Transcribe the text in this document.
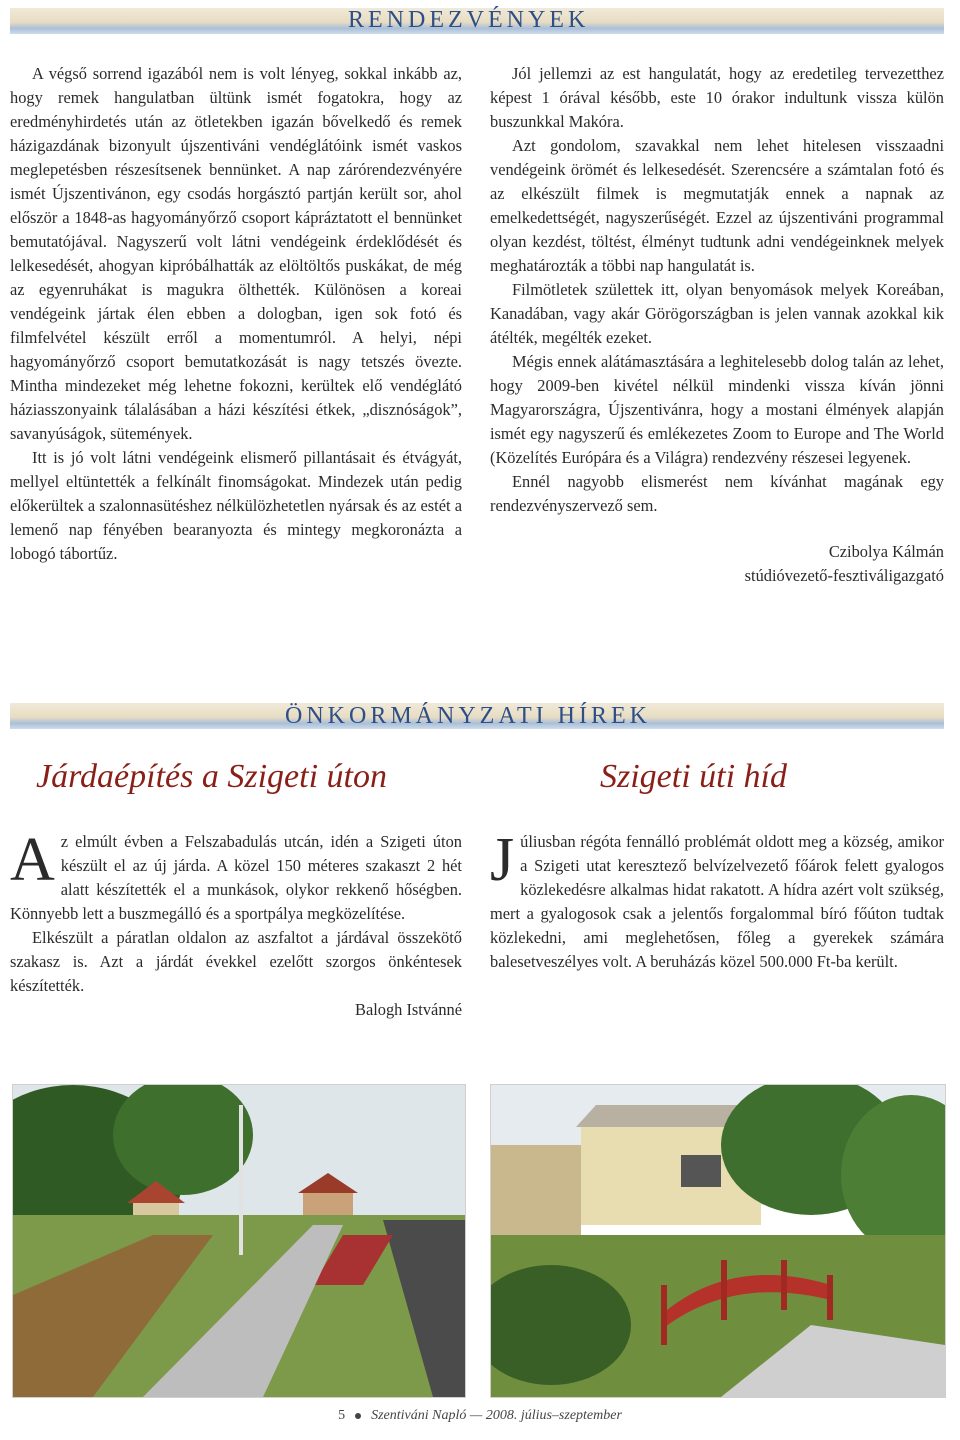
RENDEZVÉNYEK

A végső sorrend igazából nem is volt lényeg, sokkal inkább az, hogy remek hangulatban ültünk ismét fogatokra, hogy az eredményhirdetés után az ötletekben igazán bővelkedő és remek házigazdának bizonyult újszentiváni vendéglátóink ismét vaskos meglepetésben részesítsenek bennünket. A nap zárórendezvényére ismét Újszentivánon, egy csodás horgásztó partján került sor, ahol először a 1848-as hagyományőrző csoport kápráztatott el bennünket bemutatójával. Nagyszerű volt látni vendégeink érdeklődését és lelkesedését, ahogyan kipróbálhatták az elöltöltős puskákat, de még az egyenruhákat is magukra ölthették. Különösen a koreai vendégeink jártak élen ebben a dologban, igen sok fotó és filmfelvétel készült erről a momentumról. A helyi, népi hagyományőrző csoport bemutatkozását is nagy tetszés övezte. Mintha mindezeket még lehetne fokozni, kerültek elő vendéglátó háziasszonyaink tálalásában a házi készítési étkek, „disznóságok”, savanyúságok, sütemények.

Itt is jó volt látni vendégeink elismerő pillantásait és étvágyát, mellyel eltüntették a felkínált finomságokat. Mindezek után pedig előkerültek a szalonnasütéshez nélkülözhetetlen nyársak és az estét a lemenő nap fényében bearanyozta és mintegy megkoronázta a lobogó tábortűz.

Jól jellemzi az est hangulatát, hogy az eredetileg tervezetthez képest 1 órával később, este 10 órakor indultunk vissza külön buszunkkal Makóra.

Azt gondolom, szavakkal nem lehet hitelesen visszaadni vendégeink örömét és lelkesedését. Szerencsére a számtalan fotó és az elkészült filmek is megmutatják ennek a napnak az emelkedettségét, nagyszerűségét. Ezzel az újszentiváni programmal olyan kezdést, töltést, élményt tudtunk adni vendégeinknek melyek meghatározták a többi nap hangulatát is.

Filmötletek születtek itt, olyan benyomások melyek Koreában, Kanadában, vagy akár Görögországban is jelen vannak azokkal kik átélték, megélték ezeket.

Mégis ennek alátámasztására a leghitelesebb dolog talán az lehet, hogy 2009-ben kivétel nélkül mindenki vissza kíván jönni Magyarországra, Újszentivánra, hogy a mostani élmények alapján ismét egy nagyszerű és emlékezetes Zoom to Europe and The World (Közelítés Európára és a Világra) rendezvény részesei legyenek.

Ennél nagyobb elismerést nem kívánhat magának egy rendezvényszervező sem.

Czibolya Kálmán
stúdióvezető-fesztiváligazgató
ÖNKORMÁNYZATI HÍREK
Járdaépítés a Szigeti úton

Az elmúlt évben a Felszabadulás utcán, idén a Szigeti úton készült el az új járda. A közel 150 méteres szakaszt 2 hét alatt készítették el a munkások, olykor rekkenő hőségben. Könnyebb lett a buszmegálló és a sportpálya megközelítése.

Elkészült a páratlan oldalon az aszfaltot a járdával összekötő szakasz is. Azt a járdát évekkel ezelőtt szorgos önkéntesek készítették.

Balogh Istvánné
Szigeti úti híd

Júliusban régóta fennálló problémát oldott meg a község, amikor a Szigeti utat keresztező belvízelvezető főárok felett gyalogos közlekedésre alkalmas hidat rakatott. A hídra azért volt szükség, mert a gyalogosok csak a jelentős forgalommal bíró főúton tudtak közlekedni, ami meglehetősen, főleg a gyerekek számára balesetveszélyes volt. A beruházás közel 500.000 Ft-ba került.

5 Szentiváni Napló — 2008. július–szeptember
